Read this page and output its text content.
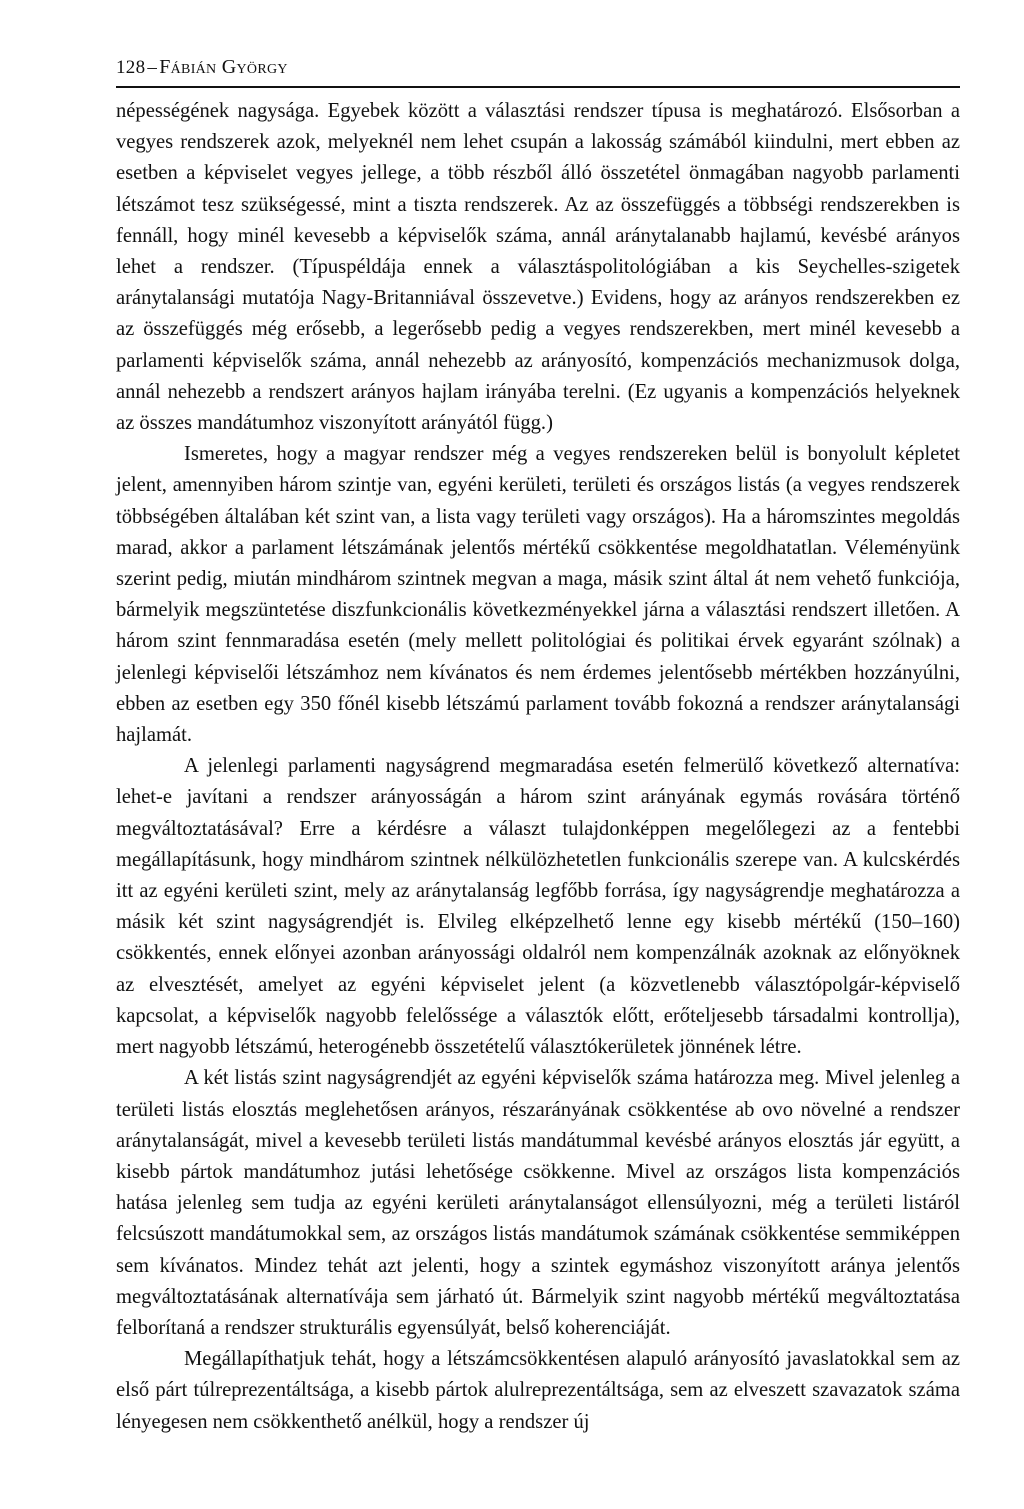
128 – Fábián György

népességének nagysága. Egyebek között a választási rendszer típusa is meghatározó. Elsősorban a vegyes rendszerek azok, melyeknél nem lehet csupán a lakosság számából kiindulni, mert ebben az esetben a képviselet vegyes jellege, a több részből álló összetétel önmagában nagyobb parlamenti létszámot tesz szükségessé, mint a tiszta rendszerek. Az az összefüggés a többségi rendszerekben is fennáll, hogy minél kevesebb a képviselők száma, annál aránytalanabb hajlamú, kevésbé arányos lehet a rendszer. (Típuspéldája ennek a választáspolitológiában a kis Seychelles-szigetek aránytalansági mutatója Nagy-Britanniával összevetve.) Evidens, hogy az arányos rendszerekben ez az összefüggés még erősebb, a legerősebb pedig a vegyes rendszerekben, mert minél kevesebb a parlamenti képviselők száma, annál nehezebb az arányosító, kompenzációs mechanizmusok dolga, annál nehezebb a rendszert arányos hajlam irányába terelni. (Ez ugyanis a kompenzációs helyeknek az összes mandátumhoz viszonyított arányától függ.)

Ismeretes, hogy a magyar rendszer még a vegyes rendszereken belül is bonyolult képletet jelent, amennyiben három szintje van, egyéni kerületi, területi és országos listás (a vegyes rendszerek többségében általában két szint van, a lista vagy területi vagy országos). Ha a háromszintes megoldás marad, akkor a parlament létszámának jelentős mértékű csökkentése megoldhatatlan. Véleményünk szerint pedig, miután mindhárom szintnek megvan a maga, másik szint által át nem vehető funkciója, bármelyik megszüntetése diszfunkcionális következményekkel járna a választási rendszert illetően. A három szint fennmaradása esetén (mely mellett politológiai és politikai érvek egyaránt szólnak) a jelenlegi képviselői létszámhoz nem kívánatos és nem érdemes jelentősebb mértékben hozzányúlni, ebben az esetben egy 350 főnél kisebb létszámú parlament tovább fokozná a rendszer aránytalansági hajlamát.

A jelenlegi parlamenti nagyságrend megmaradása esetén felmerülő következő alternatíva: lehet-e javítani a rendszer arányosságán a három szint arányának egymás rovására történő megváltoztatásával? Erre a kérdésre a választ tulajdonképpen megelőlegezi az a fentebbi megállapításunk, hogy mindhárom szintnek nélkülözhetetlen funkcionális szerepe van. A kulcskérdés itt az egyéni kerületi szint, mely az aránytalanság legfőbb forrása, így nagyságrendje meghatározza a másik két szint nagyságrendjét is. Elvileg elképzelhető lenne egy kisebb mértékű (150–160) csökkentés, ennek előnyei azonban arányossági oldalról nem kompenzálnák azoknak az előnyöknek az elvesztését, amelyet az egyéni képviselet jelent (a közvetlenebb választópolgár-képviselő kapcsolat, a képviselők nagyobb felelőssége a választók előtt, erőteljesebb társadalmi kontrollja), mert nagyobb létszámú, heterogénebb összetételű választókerületek jönnének létre.

A két listás szint nagyságrendjét az egyéni képviselők száma határozza meg. Mivel jelenleg a területi listás elosztás meglehetősen arányos, részarányának csökkentése ab ovo növelné a rendszer aránytalanságát, mivel a kevesebb területi listás mandátummal kevésbé arányos elosztás jár együtt, a kisebb pártok mandátumhoz jutási lehetősége csökkenne. Mivel az országos lista kompenzációs hatása jelenleg sem tudja az egyéni kerületi aránytalanságot ellensúlyozni, még a területi listáról felcsúszott mandátumokkal sem, az országos listás mandátumok számának csökkentése semmiképpen sem kívánatos. Mindez tehát azt jelenti, hogy a szintek egymáshoz viszonyított aránya jelentős megváltoztatásának alternatívája sem járható út. Bármelyik szint nagyobb mértékű megváltoztatása felborítaná a rendszer strukturális egyensúlyát, belső koherenciáját.

Megállapíthatjuk tehát, hogy a létszámcsökkentésen alapuló arányosító javaslatokkal sem az első párt túlreprezentáltsága, a kisebb pártok alulreprezentáltsága, sem az elveszett szavazatok száma lényegesen nem csökkenthető anélkül, hogy a rendszer új
